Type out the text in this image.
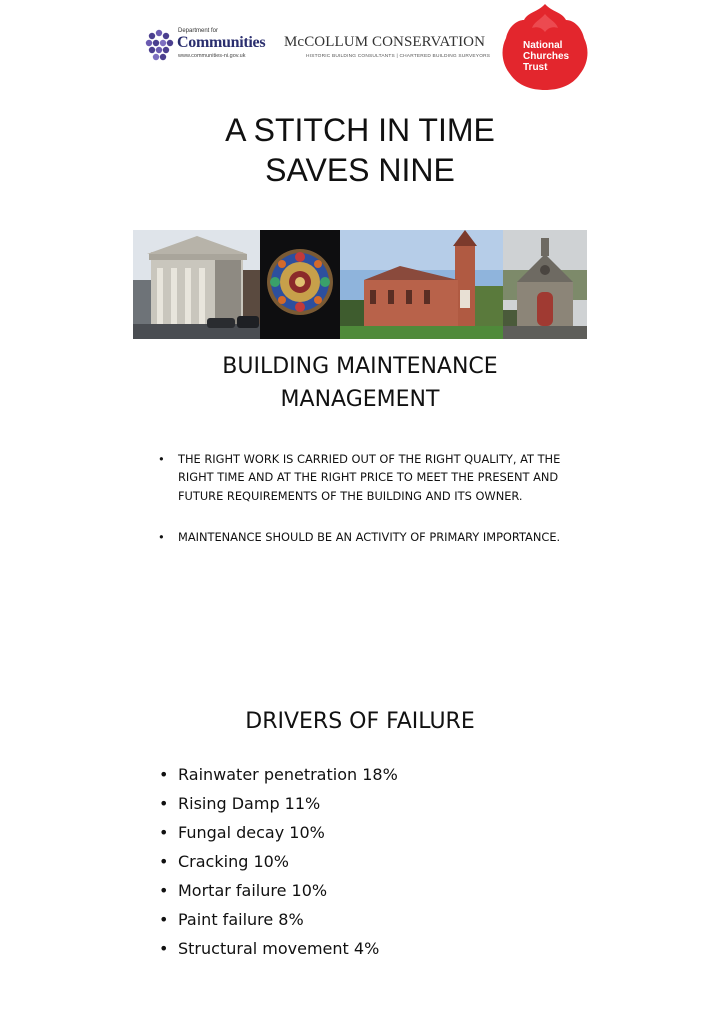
Department for
Communities
www.communities-ni.gov.uk
McCOLLUM CONSERVATION
HISTORIC BUILDING CONSULTANTS | CHARTERED BUILDING SURVEYORS
National
Churches
Trust
A STITCH IN TIME
SAVES NINE
BUILDING MAINTENANCE
MANAGEMENT
• THE RIGHT WORK IS CARRIED OUT OF THE RIGHT QUALITY, AT THE RIGHT TIME AND AT THE RIGHT PRICE TO MEET THE PRESENT AND FUTURE REQUIREMENTS OF THE BUILDING AND ITS OWNER.
• MAINTENANCE SHOULD BE AN ACTIVITY OF PRIMARY IMPORTANCE.
DRIVERS OF FAILURE
• Rainwater penetration 18%
• Rising Damp 11%
• Fungal decay 10%
• Cracking 10%
• Mortar failure 10%
• Paint failure 8%
• Structural movement 4%
